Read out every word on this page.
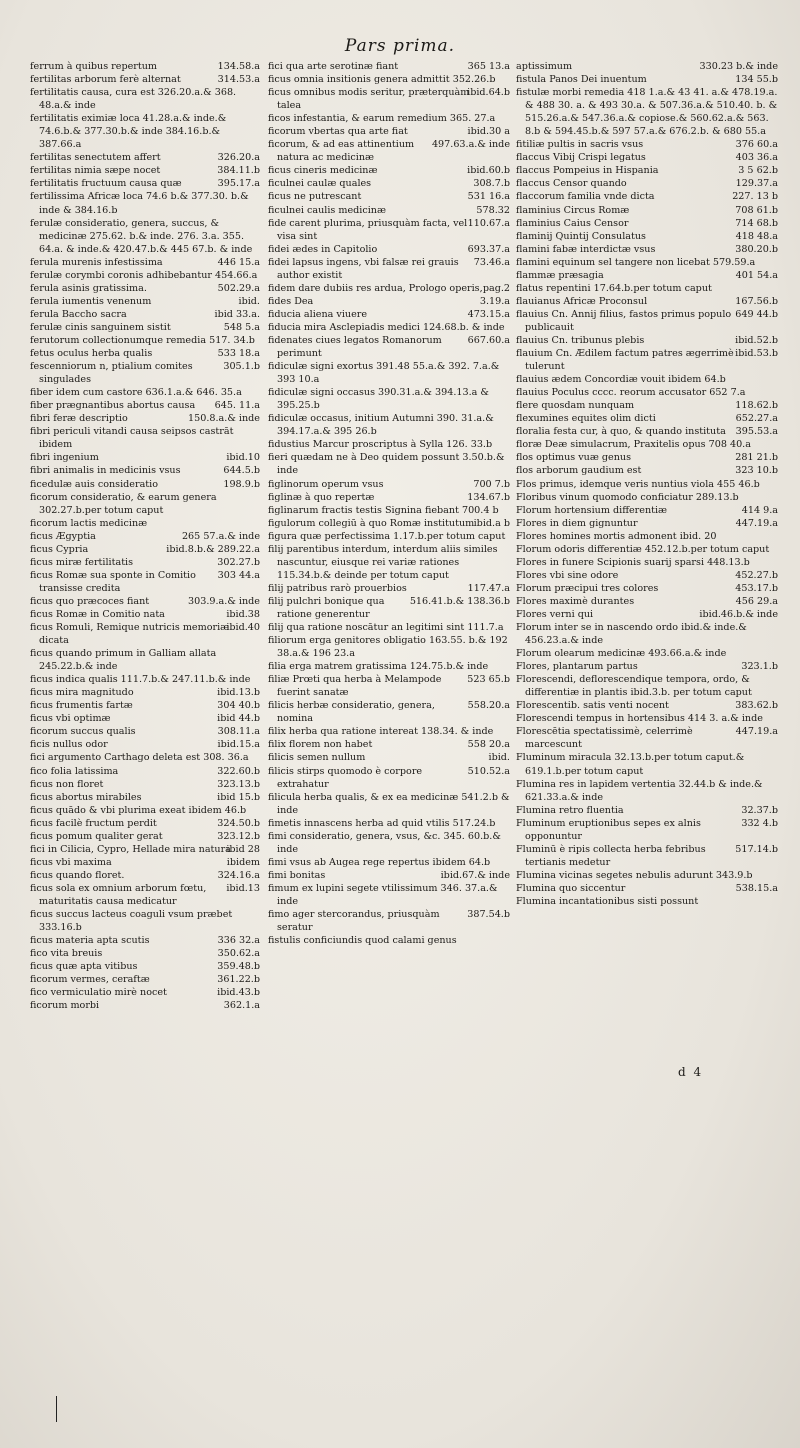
Pars prima.

134.58.a
ferrum à quibus repertum

314.53.a
fertilitas arborum ferè alternat

fertilitatis causa, cura est 326.20.a.& 368. 48.a.& inde

fertilitatis eximiæ loca 41.28.a.& inde.& 74.6.b.& 377.30.b.& inde 384.16.b.& 387.66.a

326.20.a
fertilitas senectutem affert

384.11.b
fertilitas nimia sæpe nocet

395.17.a
fertilitatis fructuum causa quæ

fertilissima Africæ loca 74.6 b.& 377.30. b.& inde & 384.16.b

ferulæ consideratio, genera, succus, & medicinæ 275.62. b.& inde. 276. 3.a. 355. 64.a. & inde.& 420.47.b.& 445 67.b. & inde

446 15.a
ferula murenis infestissima

ferulæ corymbi coronis adhibebantur 454.66.a

502.29.a
ferula asinis gratissima.

ibid.
ferula iumentis venenum

ibid 33.a.
ferula Baccho sacra

548 5.a
ferulæ cinis sanguinem sistit

ferutorum collectionumque remedia 517. 34.b

533 18.a
fetus oculus herba qualis

305.1.b
fescenniorum n, ptialium comites singulades

fiber idem cum castore 636.1.a.& 646. 35.a

645. 11.a
fiber prægnantibus abortus causa

150.8.a.& inde
fibri feræ descriptio

fibri periculi vitandi causa seipsos castrāt ibidem

ibid.10
fibri ingenium

644.5.b
fibri animalis in medicinis vsus

198.9.b
ficedulæ auis consideratio

ficorum consideratio, & earum genera 302.27.b.per totum caput

ficorum lactis medicinæ

265 57.a.& inde
ficus Ægyptia

ibid.8.b.& 289.22.a
ficus Cypria

302.27.b
ficus miræ fertilitatis

303 44.a
ficus Romæ sua sponte in Comitio transisse credita

303.9.a.& inde
ficus quo præcoces fiant

ibid.38
ficus Romæ in Comitio nata

ibid.40
ficus Romuli, Remique nutricis memoriæ dicata

ficus quando primum in Galliam allata 245.22.b.& inde

ficus indica qualis 111.7.b.& 247.11.b.& inde

ibid.13.b
ficus mira magnitudo

304 40.b
ficus frumentis fartæ

ibid 44.b
ficus vbi optimæ

308.11.a
ficorum succus qualis

ibid.15.a
ficis nullus odor

fici argumento Carthago deleta est 308. 36.a

322.60.b
fico folia latissima

323.13.b
ficus non floret

ibid 15.b
ficus abortus mirabiles

ficus quādo & vbi plurima exeat ibidem 46.b

324.50.b
ficus facilè fructum perdit

323.12.b
ficus pomum qualiter gerat

ibid 28
fici in Cilicia, Cypro, Hellade mira natura

ibidem
ficus vbi maxima

324.16.a
ficus quando floret.

ibid.13
ficus sola ex omnium arborum fœtu, maturitatis causa medicatur

ficus succus lacteus coaguli vsum præbet 333.16.b

336 32.a
ficus materia apta scutis

350.62.a
fico vita breuis

359.48.b
ficus quæ apta vitibus

361.22.b
ficorum vermes, ceraftæ

ibid.43.b
fico vermiculatio mirè nocet

362.1.a
ficorum morbi

365 13.a
fici qua arte serotinæ fiant

ficus omnia insitionis genera admittit 352.26.b

ibid.64.b
ficus omnibus modis seritur, præterquàm talea

ficos infestantia, & earum remedium 365. 27.a

ibid.30 a
ficorum vbertas qua arte fiat

497.63.a.& inde
ficorum, & ad eas attinentium natura ac medicinæ

ibid.60.b
ficus cineris medicinæ

308.7.b
ficulnei caulæ quales

531 16.a
ficus ne putrescant

578.32
ficulnei caulis medicinæ

110.67.a
fide carent plurima, priusquàm facta, vel visa sint

693.37.a
fidei ædes in Capitolio

73.46.a
fidei lapsus ingens, vbi falsæ rei grauis author existit

pag.2
fidem dare dubiis res ardua, Prologo operis,

3.19.a
fides Dea

473.15.a
fiducia aliena viuere

fiducia mira Asclepiadis medici 124.68.b. & inde

667.60.a
fidenates ciues legatos Romanorum perimunt

fidiculæ signi exortus 391.48 55.a.& 392. 7.a.& 393 10.a

fidiculæ signi occasus 390.31.a.& 394.13.a & 395.25.b

fidiculæ occasus, initium Autumni 390. 31.a.& 394.17.a.& 395 26.b

fidustius Marcur proscriptus à Sylla 126. 33.b

fieri quædam ne à Deo quidem possunt 3.50.b.& inde

700 7.b
figlinorum operum vsus

134.67.b
figlinæ à quo repertæ

figlinarum fractis testis Signina fiebant 700.4 b

ibid.a b
figulorum collegiū à quo Romæ institutum

figura quæ perfectissima 1.17.b.per totum caput

filij parentibus interdum, interdum aliis similes nascuntur, eiusque rei variæ rationes 115.34.b.& deinde per totum caput

117.47.a
filij patribus rarò prouerbios

516.41.b.& 138.36.b
filij pulchri bonique qua ratione generentur

filij qua ratione noscātur an legitimi sint 111.7.a

filiorum erga genitores obligatio 163.55. b.& 192 38.a.& 196 23.a

filia erga matrem gratissima 124.75.b.& inde

523 65.b
filiæ Prœti qua herba à Melampode fuerint sanatæ

558.20.a
filicis herbæ consideratio, genera, nomina

filix herba qua ratione intereat 138.34. & inde

558 20.a
filix florem non habet

ibid.
filicis semen nullum

510.52.a
filicis stirps quomodo è corpore extrahatur

filicula herba qualis, & ex ea medicinæ 541.2.b & inde

fimetis innascens herba ad quid vtilis 517.24.b

fimi consideratio, genera, vsus, &c. 345. 60.b.& inde

fimi vsus ab Augea rege repertus ibidem 64.b

ibid.67.& inde
fimi bonitas

fimum ex lupini segete vtilissimum 346. 37.a.& inde

387.54.b
fimo ager stercorandus, priusquàm seratur

fistulis conficiundis quod calami genus

330.23 b.& inde
aptissimum

134 55.b
fistula Panos Dei inuentum

fistulæ morbi remedia 418 1.a.& 43 41. a.& 478.19.a. & 488 30. a. & 493 30.a. & 507.36.a.& 510.40. b. & 515.26.a.& 547.36.a.& copiose.& 560.62.a.& 563. 8.b & 594.45.b.& 597 57.a.& 676.2.b. & 680 55.a

376 60.a
fitiliæ pultis in sacris vsus

403 36.a
flaccus Vibij Crispi legatus

3 5 62.b
flaccus Pompeius in Hispania

129.37.a
flaccus Censor quando

227. 13 b
flaccorum familia vnde dicta

708 61.b
flaminius Circus Romæ

714 68.b
flaminius Caius Censor

418 48.a
flaminij Quintij Consulatus

380.20.b
flamini fabæ interdictæ vsus

flamini equinum sel tangere non licebat 579.59.a

401 54.a
flammæ præsagia

flatus repentini 17.64.b.per totum caput

167.56.b
flauianus Africæ Proconsul

649 44.b
flauius Cn. Annij filius, fastos primus populo publicauit

ibid.52.b
flauius Cn. tribunus plebis

ibid.53.b
flauium Cn. Ædilem factum patres ægerrimè tulerunt

flauius ædem Concordiæ vouit ibidem 64.b

flauius Poculus cccc. reorum accusator 652 7.a

118.62.b
flere quosdam nunquam

652.27.a
flexumines equites olim dicti

395.53.a
floralia festa cur, à quo, & quando instituta

floræ Deæ simulacrum, Praxitelis opus 708 40.a

281 21.b
flos optimus vuæ genus

323 10.b
flos arborum gaudium est

Flos primus, idemque veris nuntius viola 455 46.b

Floribus vinum quomodo conficiatur 289.13.b

414 9.a
Florum hortensium differentiæ

447.19.a
Flores in diem gignuntur

Flores homines mortis admonent ibid. 20

Florum odoris differentiæ 452.12.b.per totum caput

Flores in funere Scipionis suarij sparsi 448.13.b

452.27.b
Flores vbi sine odore

453.17.b
Florum præcipui tres colores

456 29.a
Flores maximè durantes

ibid.46.b.& inde
Flores verni qui

Florum inter se in nascendo ordo ibid.& inde.& 456.23.a.& inde

Florum olearum medicinæ 493.66.a.& inde

323.1.b
Flores, plantarum partus

Florescendi, deflorescendique tempora, ordo, & differentiæ in plantis ibid.3.b. per totum caput

383.62.b
Florescentib. satis venti nocent

Florescendi tempus in hortensibus 414 3. a.& inde

447.19.a
Florescētia spectatissimè, celerrimè marcescunt

Fluminum miracula 32.13.b.per totum caput.& 619.1.b.per totum caput

Flumina res in lapidem vertentia 32.44.b & inde.& 621.33.a.& inde

32.37.b
Flumina retro fluentia

332 4.b
Fluminum eruptionibus sepes ex alnis opponuntur

517.14.b
Fluminū è ripis collecta herba febribus tertianis medetur

Flumina vicinas segetes nebulis adurunt 343.9.b

538.15.a
Flumina quo siccentur

Flumina incantationibus sisti possunt

d 4
